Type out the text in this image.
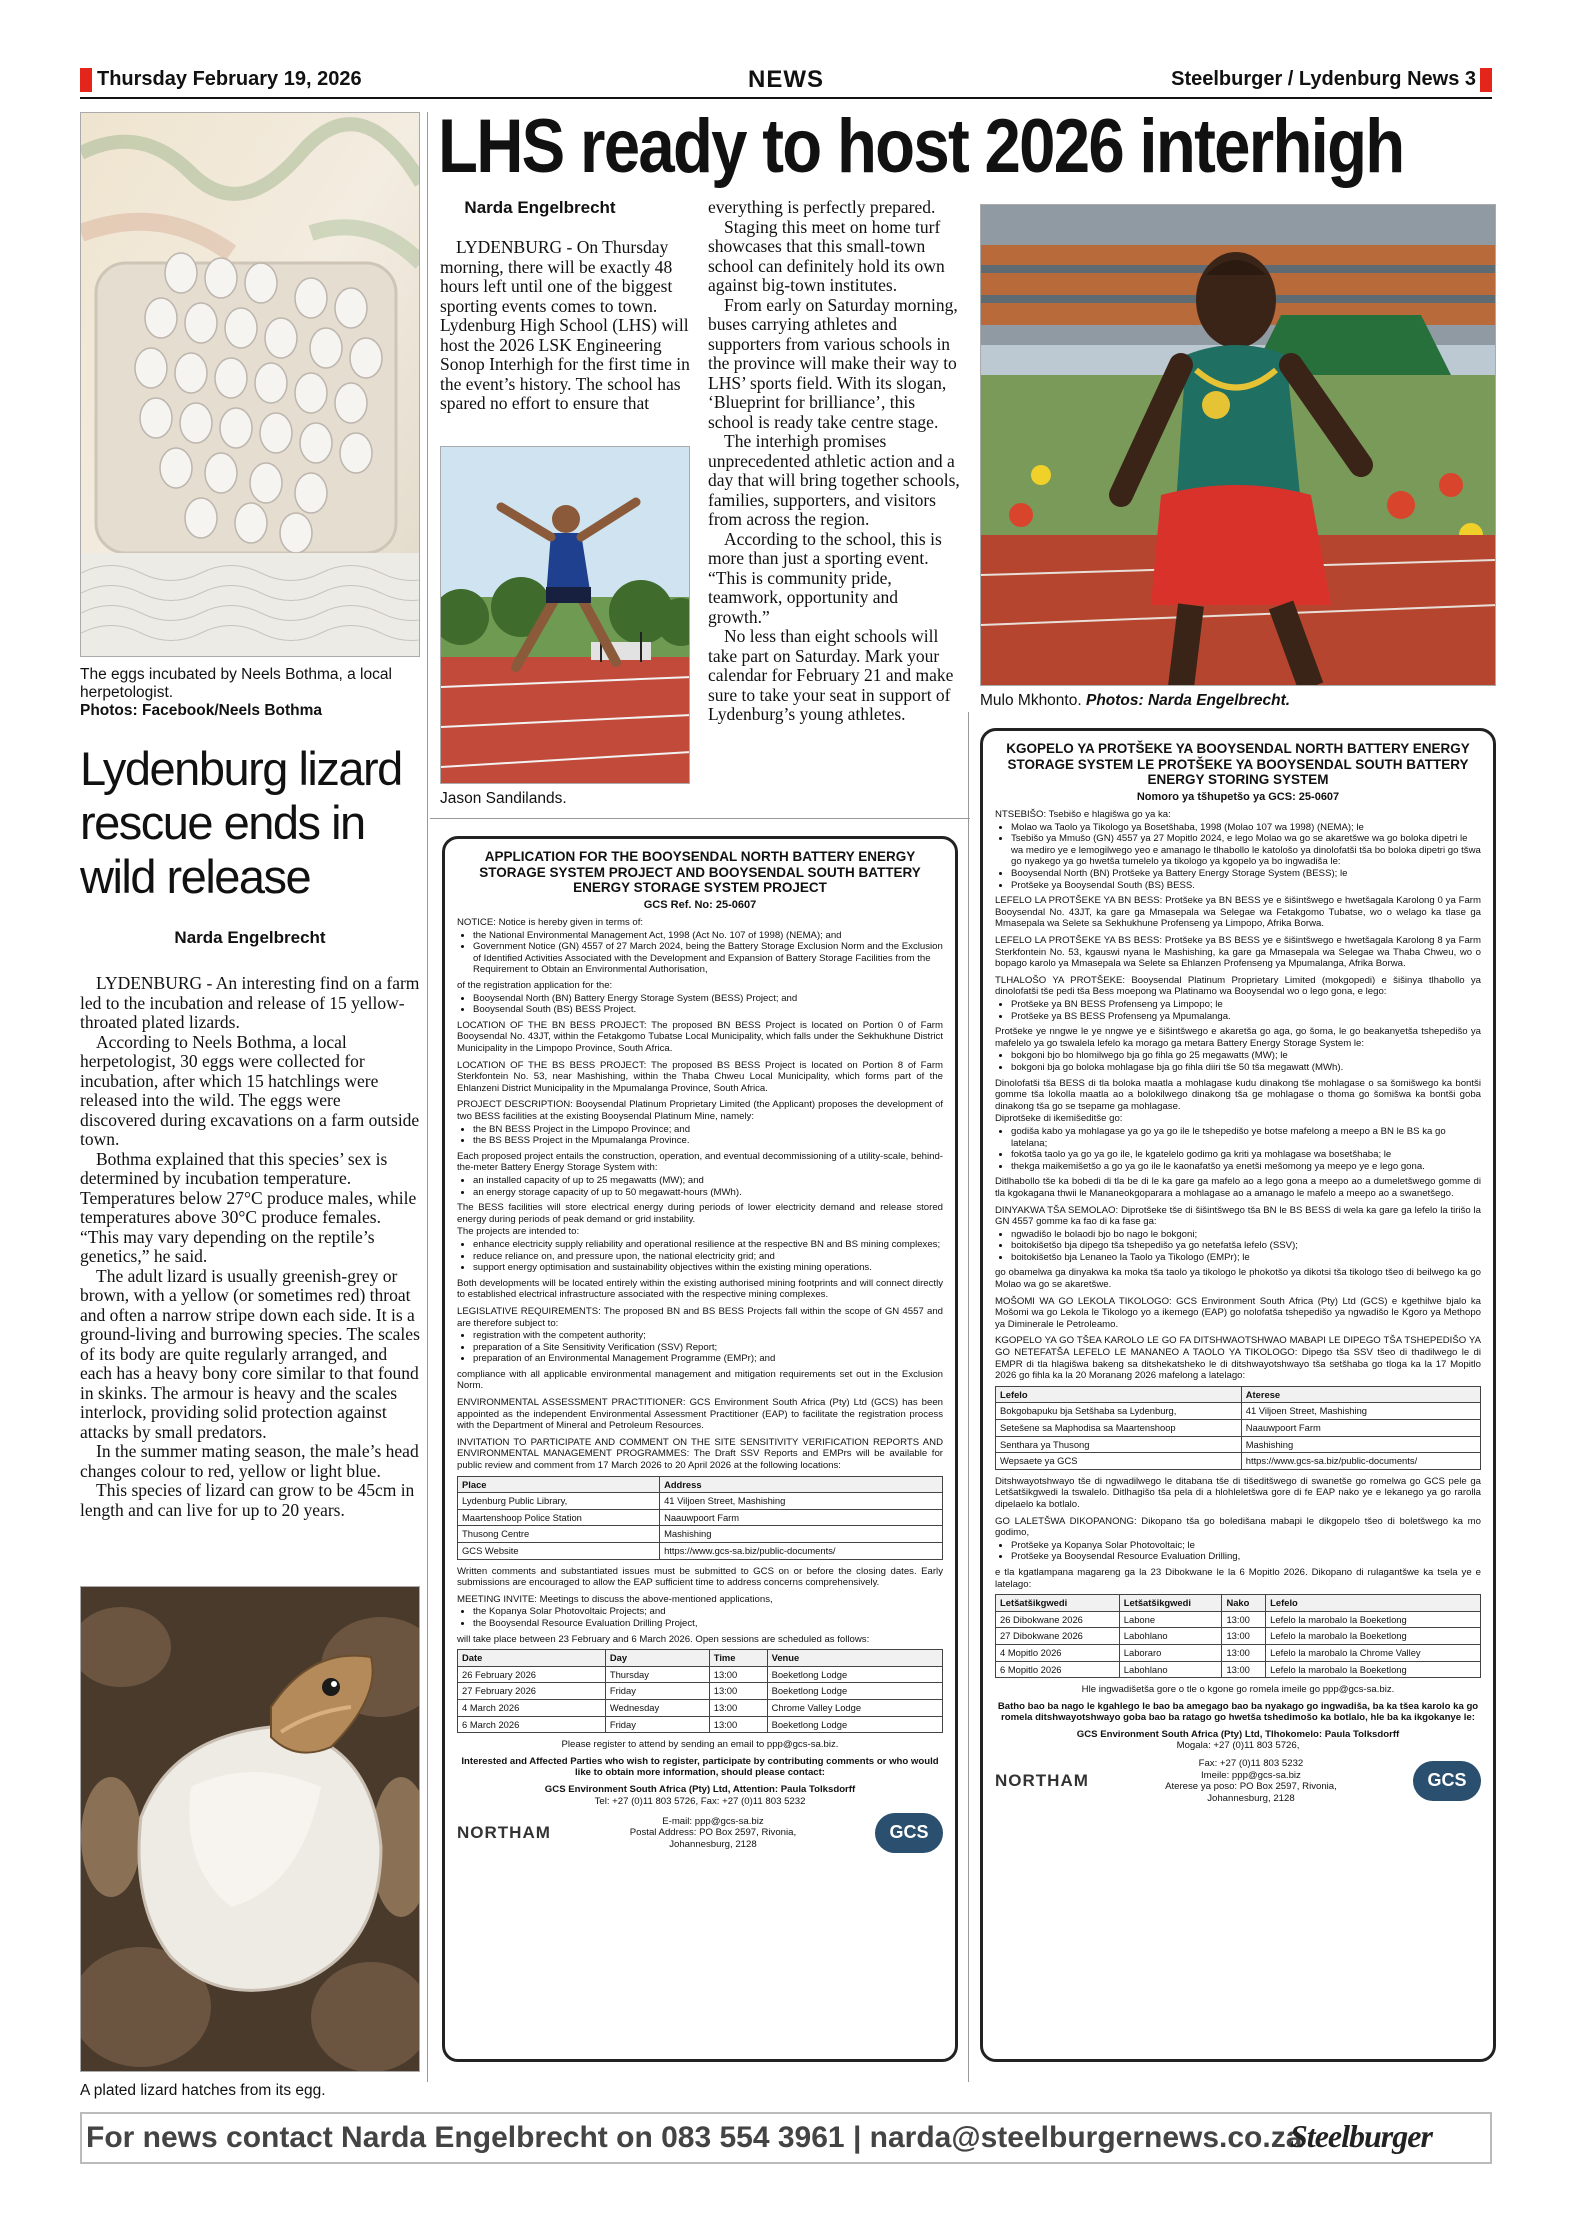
Thursday February 19, 2026	NEWS	Steelburger / Lydenburg News 3
The eggs incubated by Neels Bothma, a local herpetologist.
Photos: Facebook/Neels Bothma
Lydenburg lizard rescue ends in wild release
Narda Engelbrecht

LYDENBURG - An interesting find on a farm led to the incubation and release of 15 yellow-throated plated lizards.

According to Neels Bothma, a local herpetologist, 30 eggs were collected for incubation, after which 15 hatchlings were released into the wild. The eggs were discovered during excavations on a farm outside town.

Bothma explained that this species’ sex is determined by incubation temperature. Temperatures below 27°C produce males, while temperatures above 30°C produce females. “This may vary depending on the reptile’s genetics,” he said.

The adult lizard is usually greenish-grey or brown, with a yellow (or sometimes red) throat and often a narrow stripe down each side. It is a ground-living and burrowing species. The scales of its body are quite regularly arranged, and each has a heavy bony core similar to that found in skinks. The armour is heavy and the scales interlock, providing solid protection against attacks by small predators.

In the summer mating season, the male’s head changes colour to red, yellow or light blue.

This species of lizard can grow to be 45cm in length and can live for up to 20 years.

A plated lizard hatches from its egg.
LHS ready to host 2026 interhigh
Narda Engelbrecht

LYDENBURG - On Thursday morning, there will be exactly 48 hours left until one of the biggest sporting events comes to town. Lydenburg High School (LHS) will host the 2026 LSK Engineering Sonop Interhigh for the first time in the event’s history. The school has spared no effort to ensure that

Jason Sandilands.

everything is perfectly prepared.

Staging this meet on home turf showcases that this small-town school can definitely hold its own against big-town institutes.

From early on Saturday morning, buses carrying athletes and supporters from various schools in the province will make their way to LHS’ sports field. With its slogan, ‘Blueprint for brilliance’, this school is ready take centre stage.

The interhigh promises unprecedented athletic action and a day that will bring together schools, families, supporters, and visitors from across the region.

According to the school, this is more than just a sporting event. “This is community pride, teamwork, opportunity and growth.”

No less than eight schools will take part on Saturday. Mark your calendar for February 21 and make sure to take your seat in support of Lydenburg’s young athletes.

Mulo Mkhonto. Photos: Narda Engelbrecht.
APPLICATION FOR THE BOOYSENDAL NORTH BATTERY ENERGY STORAGE SYSTEM PROJECT AND BOOYSENDAL SOUTH BATTERY ENERGY STORAGE SYSTEM PROJECT
GCS Ref. No: 25-0607

NOTICE: Notice is hereby given in terms of:

• the National Environmental Management Act, 1998 (Act No. 107 of 1998) (NEMA); and
• Government Notice (GN) 4557 of 27 March 2024, being the Battery Storage Exclusion Norm and the Exclusion of Identified Activities Associated with the Development and Expansion of Battery Storage Facilities from the Requirement to Obtain an Environmental Authorisation,

of the registration application for the:

• Booysendal North (BN) Battery Energy Storage System (BESS) Project; and
• Booysendal South (BS) BESS Project.

LOCATION OF THE BN BESS PROJECT: The proposed BN BESS Project is located on Portion 0 of Farm Booysendal No. 43JT, within the Fetakgomo Tubatse Local Municipality, which falls under the Sekhukhune District Municipality in the Limpopo Province, South Africa.

LOCATION OF THE BS BESS PROJECT: The proposed BS BESS Project is located on Portion 8 of Farm Sterkfontein No. 53, near Mashishing, within the Thaba Chweu Local Municipality, which forms part of the Ehlanzeni District Municipality in the Mpumalanga Province, South Africa.

PROJECT DESCRIPTION: Booysendal Platinum Proprietary Limited (the Applicant) proposes the development of two BESS facilities at the existing Booysendal Platinum Mine, namely:

• the BN BESS Project in the Limpopo Province; and
• the BS BESS Project in the Mpumalanga Province.

Each proposed project entails the construction, operation, and eventual decommissioning of a utility-scale, behind-the-meter Battery Energy Storage System with:

• an installed capacity of up to 25 megawatts (MW); and
• an energy storage capacity of up to 50 megawatt-hours (MWh).

The BESS facilities will store electrical energy during periods of lower electricity demand and release stored energy during periods of peak demand or grid instability.

The projects are intended to:

• enhance electricity supply reliability and operational resilience at the respective BN and BS mining complexes;
• reduce reliance on, and pressure upon, the national electricity grid; and
• support energy optimisation and sustainability objectives within the existing mining operations.

Both developments will be located entirely within the existing authorised mining footprints and will connect directly to established electrical infrastructure associated with the respective mining complexes.

LEGISLATIVE REQUIREMENTS: The proposed BN and BS BESS Projects fall within the scope of GN 4557 and are therefore subject to:

• registration with the competent authority;
• preparation of a Site Sensitivity Verification (SSV) Report;
• preparation of an Environmental Management Programme (EMPr); and

compliance with all applicable environmental management and mitigation requirements set out in the Exclusion Norm.

ENVIRONMENTAL ASSESSMENT PRACTITIONER: GCS Environment South Africa (Pty) Ltd (GCS) has been appointed as the independent Environmental Assessment Practitioner (EAP) to facilitate the registration process with the Department of Mineral and Petroleum Resources.

INVITATION TO PARTICIPATE AND COMMENT ON THE SITE SENSITIVITY VERIFICATION REPORTS AND ENVIRONMENTAL MANAGEMENT PROGRAMMES: The Draft SSV Reports and EMPrs will be available for public review and comment from 17 March 2026 to 20 April 2026 at the following locations:

Place	Address
Lydenburg Public Library,	41 Viljoen Street, Mashishing
Maartenshoop Police Station	Naauwpoort Farm
Thusong Centre	Mashishing
GCS Website	https://www.gcs-sa.biz/public-documents/

Written comments and substantiated issues must be submitted to GCS on or before the closing dates. Early submissions are encouraged to allow the EAP sufficient time to address concerns comprehensively.

MEETING INVITE: Meetings to discuss the above-mentioned applications,

• the Kopanya Solar Photovoltaic Projects; and
• the Booysendal Resource Evaluation Drilling Project,

will take place between 23 February and 6 March 2026. Open sessions are scheduled as follows:

Date	Day	Time	Venue
26 February 2026	Thursday	13:00	Boeketlong Lodge
27 February 2026	Friday	13:00	Boeketlong Lodge
4 March 2026	Wednesday	13:00	Chrome Valley Lodge
6 March 2026	Friday	13:00	Boeketlong Lodge

Please register to attend by sending an email to ppp@gcs-sa.biz.

Interested and Affected Parties who wish to register, participate by contributing comments or who would like to obtain more information, should please contact:

GCS Environment South Africa (Pty) Ltd, Attention: Paula Tolksdorff
Tel: +27 (0)11 803 5726, Fax: +27 (0)11 803 5232
NORTHAM
E-mail: ppp@gcs-sa.biz
Postal Address: PO Box 2597, Rivonia,
Johannesburg, 2128
GCS
KGOPELO YA PROTŠEKE YA BOOYSENDAL NORTH BATTERY ENERGY STORAGE SYSTEM LE PROTŠEKE YA BOOYSENDAL SOUTH BATTERY ENERGY STORING SYSTEM
Nomoro ya tšhupetšo ya GCS: 25-0607

NTSEBIŠO: Tsebišo e hlagišwa go ya ka:

• Molao wa Taolo ya Tikologo ya Bosetšhaba, 1998 (Molao 107 wa 1998) (NEMA); le
• Tsebišo ya Mmušo (GN) 4557 ya 27 Mopitlo 2024, e lego Molao wa go se akaretšwe wa go boloka dipetri le wa mediro ye e lemogilwego yeo e amanago le tlhabollo le katološo ya dinolofatši tša bo boloka dipetri go tšwa go nyakego ya go hwetša tumelelo ya tikologo ya kgopelo ya bo ingwadiša le:
• Booysendal North (BN) Protšeke ya Battery Energy Storage System (BESS); le
• Protšeke ya Booysendal South (BS) BESS.

LEFELO LA PROTŠEKE YA BN BESS: Protšeke ya BN BESS ye e šišintšwego e hwetšagala Karolong 0 ya Farm Booysendal No. 43JT, ka gare ga Mmasepala wa Selegae wa Fetakgomo Tubatse, wo o welago ka tlase ga Mmasepala wa Selete sa Sekhukhune Profenseng ya Limpopo, Afrika Borwa.

LEFELO LA PROTŠEKE YA BS BESS: Protšeke ya BS BESS ye e šišintšwego e hwetšagala Karolong 8 ya Farm Sterkfontein No. 53, kgauswi nyana le Mashishing, ka gare ga Mmasepala wa Selegae wa Thaba Chweu, wo o bopago karolo ya Mmasepala wa Selete sa Ehlanzen Profenseng ya Mpumalanga, Afrika Borwa.

TLHALOŠO YA PROTŠEKE: Booysendal Platinum Proprietary Limited (mokgopedi) e šišinya tlhabollo ya dinolofatši tše pedi tša Bess moepong wa Platinamo wa Booysendal wo o lego gona, e lego:

• Protšeke ya BN BESS Profenseng ya Limpopo; le
• Protšeke ya BS BESS Profenseng ya Mpumalanga.

Protšeke ye nngwe le ye nngwe ye e šišintšwego e akaretša go aga, go šoma, le go beakanyetša tshepedišo ya mafelelo ya go tswalela lefelo ka morago ga metara Battery Energy Storage System le:

• bokgoni bjo bo hlomilwego bja go fihla go 25 megawatts (MW); le
• bokgoni bja go boloka mohlagase bja go fihla diiri tše 50 tša megawatt (MWh).

Dinolofatši tša BESS di tla boloka maatla a mohlagase kudu dinakong tše mohlagase o sa šomišwego ka bontši gomme tša lokolla maatla ao a bolokilwego dinakong tša ge mohlagase o thoma go šomišwa ka bontši goba dinakong tša go se tsepame ga mohlagase.

Diprotšeke di ikemišeditše go:

• godiša kabo ya mohlagase ya go ya go ile le tshepedišo ye botse mafelong a meepo a BN le BS ka go latelana;
• fokotša taolo ya go ya go ile, le kgatelelo godimo ga kriti ya mohlagase wa bosetšhaba; le
• thekga maikemišetšo a go ya go ile le kaonafatšo ya enetši mešomong ya meepo ye e lego gona.

Ditlhabollo tše ka bobedi di tla be di le ka gare ga mafelo ao a lego gona a meepo ao a dumeletšwego gomme di tla kgokagana thwii le Mananeokgoparara a mohlagase ao a amanago le mafelo a meepo ao a swanetšego.

DINYAKWA TŠA SEMOLAO: Diprotšeke tše di šišintšwego tša BN le BS BESS di wela ka gare ga lefelo la tirišo la GN 4557 gomme ka fao di ka fase ga:

• ngwadišo le bolaodi bjo bo nago le bokgoni;
• boitokišetšo bja dipego tša tshepedišo ya go netefatša lefelo (SSV);
• boitokišetšo bja Lenaneo la Taolo ya Tikologo (EMPr); le

go obamelwa ga dinyakwa ka moka tša taolo ya tikologo le phokotšo ya dikotsi tša tikologo tšeo di beilwego ka go Molao wa go se akaretšwe.

MOŠOMI WA GO LEKOLA TIKOLOGO: GCS Environment South Africa (Pty) Ltd (GCS) e kgethilwe bjalo ka Mošomi wa go Lekola le Tikologo yo a ikemego (EAP) go nolofatša tshepedišo ya ngwadišo le Kgoro ya Methopo ya Diminerale le Petroleamo.

KGOPELO YA GO TŠEA KAROLO LE GO FA DITSHWAOTSHWAO MABAPI LE DIPEGO TŠA TSHEPEDIŠO YA GO NETEFATŠA LEFELO LE MANANEO A TAOLO YA TIKOLOGO: Dipego tša SSV tšeo di thadilwego le di EMPR di tla hlagišwa bakeng sa ditshekatsheko le di ditshwayotshwayo tša setšhaba go tloga ka la 17 Mopitlo 2026 go fihla ka la 20 Moranang 2026 mafelong a latelago:

Lefelo	Aterese
Bokgobapuku bja Setšhaba sa Lydenburg,	41 Viljoen Street, Mashishing
Setešene sa Maphodisa sa Maartenshoop	Naauwpoort Farm
Senthara ya Thusong	Mashishing
Wepsaete ya GCS	https://www.gcs-sa.biz/public-documents/

Ditshwayotshwayo tše di ngwadilwego le ditabana tše di tišeditšwego di swanetše go romelwa go GCS pele ga Letšatšikgwedi la tswalelo. Ditlhagišo tša pela di a hlohleletšwa gore di fe EAP nako ye e lekanego ya go rarolla dipelaelo ka botlalo.

GO LALETŠWA DIKOPANONG: Dikopano tša go boledišana mabapi le dikgopelo tšeo di boletšwego ka mo godimo,

• Protšeke ya Kopanya Solar Photovoltaic; le
• Protšeke ya Booysendal Resource Evaluation Drilling,

e tla kgatlampana magareng ga la 23 Dibokwane le la 6 Mopitlo 2026. Dikopano di rulagantšwe ka tsela ye e latelago:

Letšatšikgwedi	Letšatšikgwedi	Nako	Lefelo
26 Dibokwane 2026	Labone	13:00	Lefelo la marobalo la Boeketlong
27 Dibokwane 2026	Labohlano	13:00	Lefelo la marobalo la Boeketlong
4 Mopitlo 2026	Laboraro	13:00	Lefelo la marobalo la Chrome Valley
6 Mopitlo 2026	Labohlano	13:00	Lefelo la marobalo la Boeketlong

Hle ingwadišetša gore o tle o kgone go romela imeile go ppp@gcs-sa.biz.

Batho bao ba nago le kgahlego le bao ba amegago bao ba nyakago go ingwadiša, ba ka tšea karolo ka go romela ditshwayotshwayo goba bao ba ratago go hwetša tshedimošo ka botlalo, hle ba ka ikgokanye le:

GCS Environment South Africa (Pty) Ltd, Tlhokomelo: Paula Tolksdorff
Mogala: +27 (0)11 803 5726,
NORTHAM
Fax: +27 (0)11 803 5232
Imeile: ppp@gcs-sa.biz
Aterese ya poso: PO Box 2597, Rivonia,
Johannesburg, 2128
GCS
For news contact Narda Engelbrecht on 083 554 3961 | narda@steelburgernews.co.za
Steelburger
